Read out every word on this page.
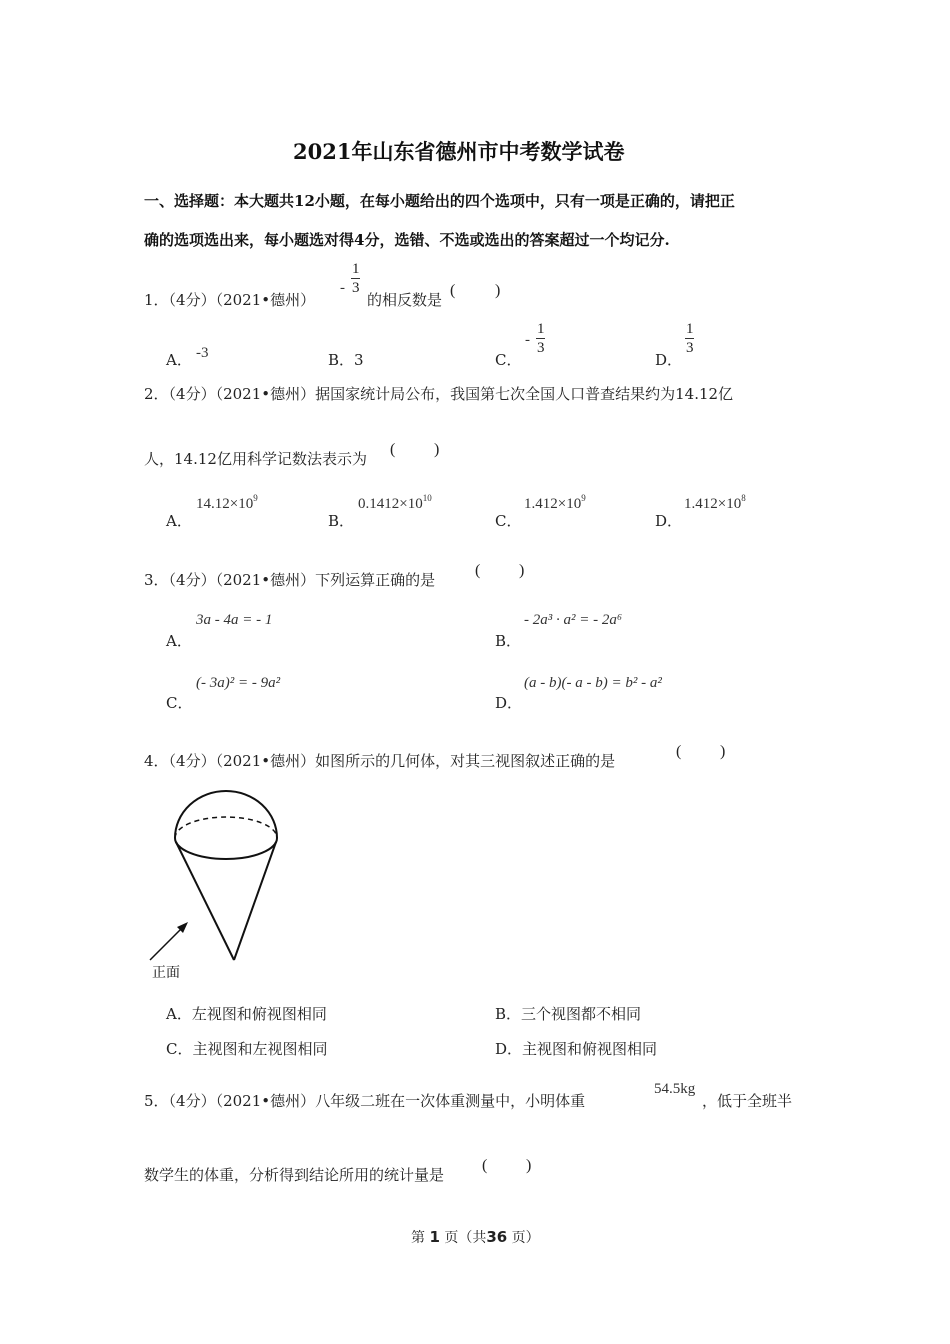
2021年山东省德州市中考数学试卷
一、选择题：本大题共12小题，在每小题给出的四个选项中，只有一项是正确的，请把正
确的选项选出来，每小题选对得4分，选错、不选或选出的答案超过一个均记分.
1．（4分）（2021•德州）
- $\frac{1}{3}$
的相反数是
( )
A． -3	B．3	C．
- $\frac{1}{3}$
D．
$\frac{1}{3}$
2．（4分）（2021•德州）据国家统计局公布，我国第七次全国人口普查结果约为14.12亿
人，14.12亿用科学记数法表示为
( )
A．
$14.12\times 10^9$
B．
$0.1412\times 10^{10}$
C．
$1.412\times 10^9$
D．
$1.412\times 10^8$
3．（4分）（2021•德州）下列运算正确的是
( )
A．
3a - 4a = - 1
B．
- 2a³ · a² = - 2a⁶
C．
(- 3a)² = - 9a²
D．
(a - b)(- a - b) = b² - a²
4．（4分）（2021•德州）如图所示的几何体，对其三视图叙述正确的是
( )
正面
A．左视图和俯视图相同	B．三个视图都不相同
C．主视图和左视图相同	D．主视图和俯视图相同
5．（4分）（2021•德州）八年级二班在一次体重测量中，小明体重
54.5kg
，低于全班半
数学生的体重，分析得到结论所用的统计量是
( )
第 1 页（共36 页）
